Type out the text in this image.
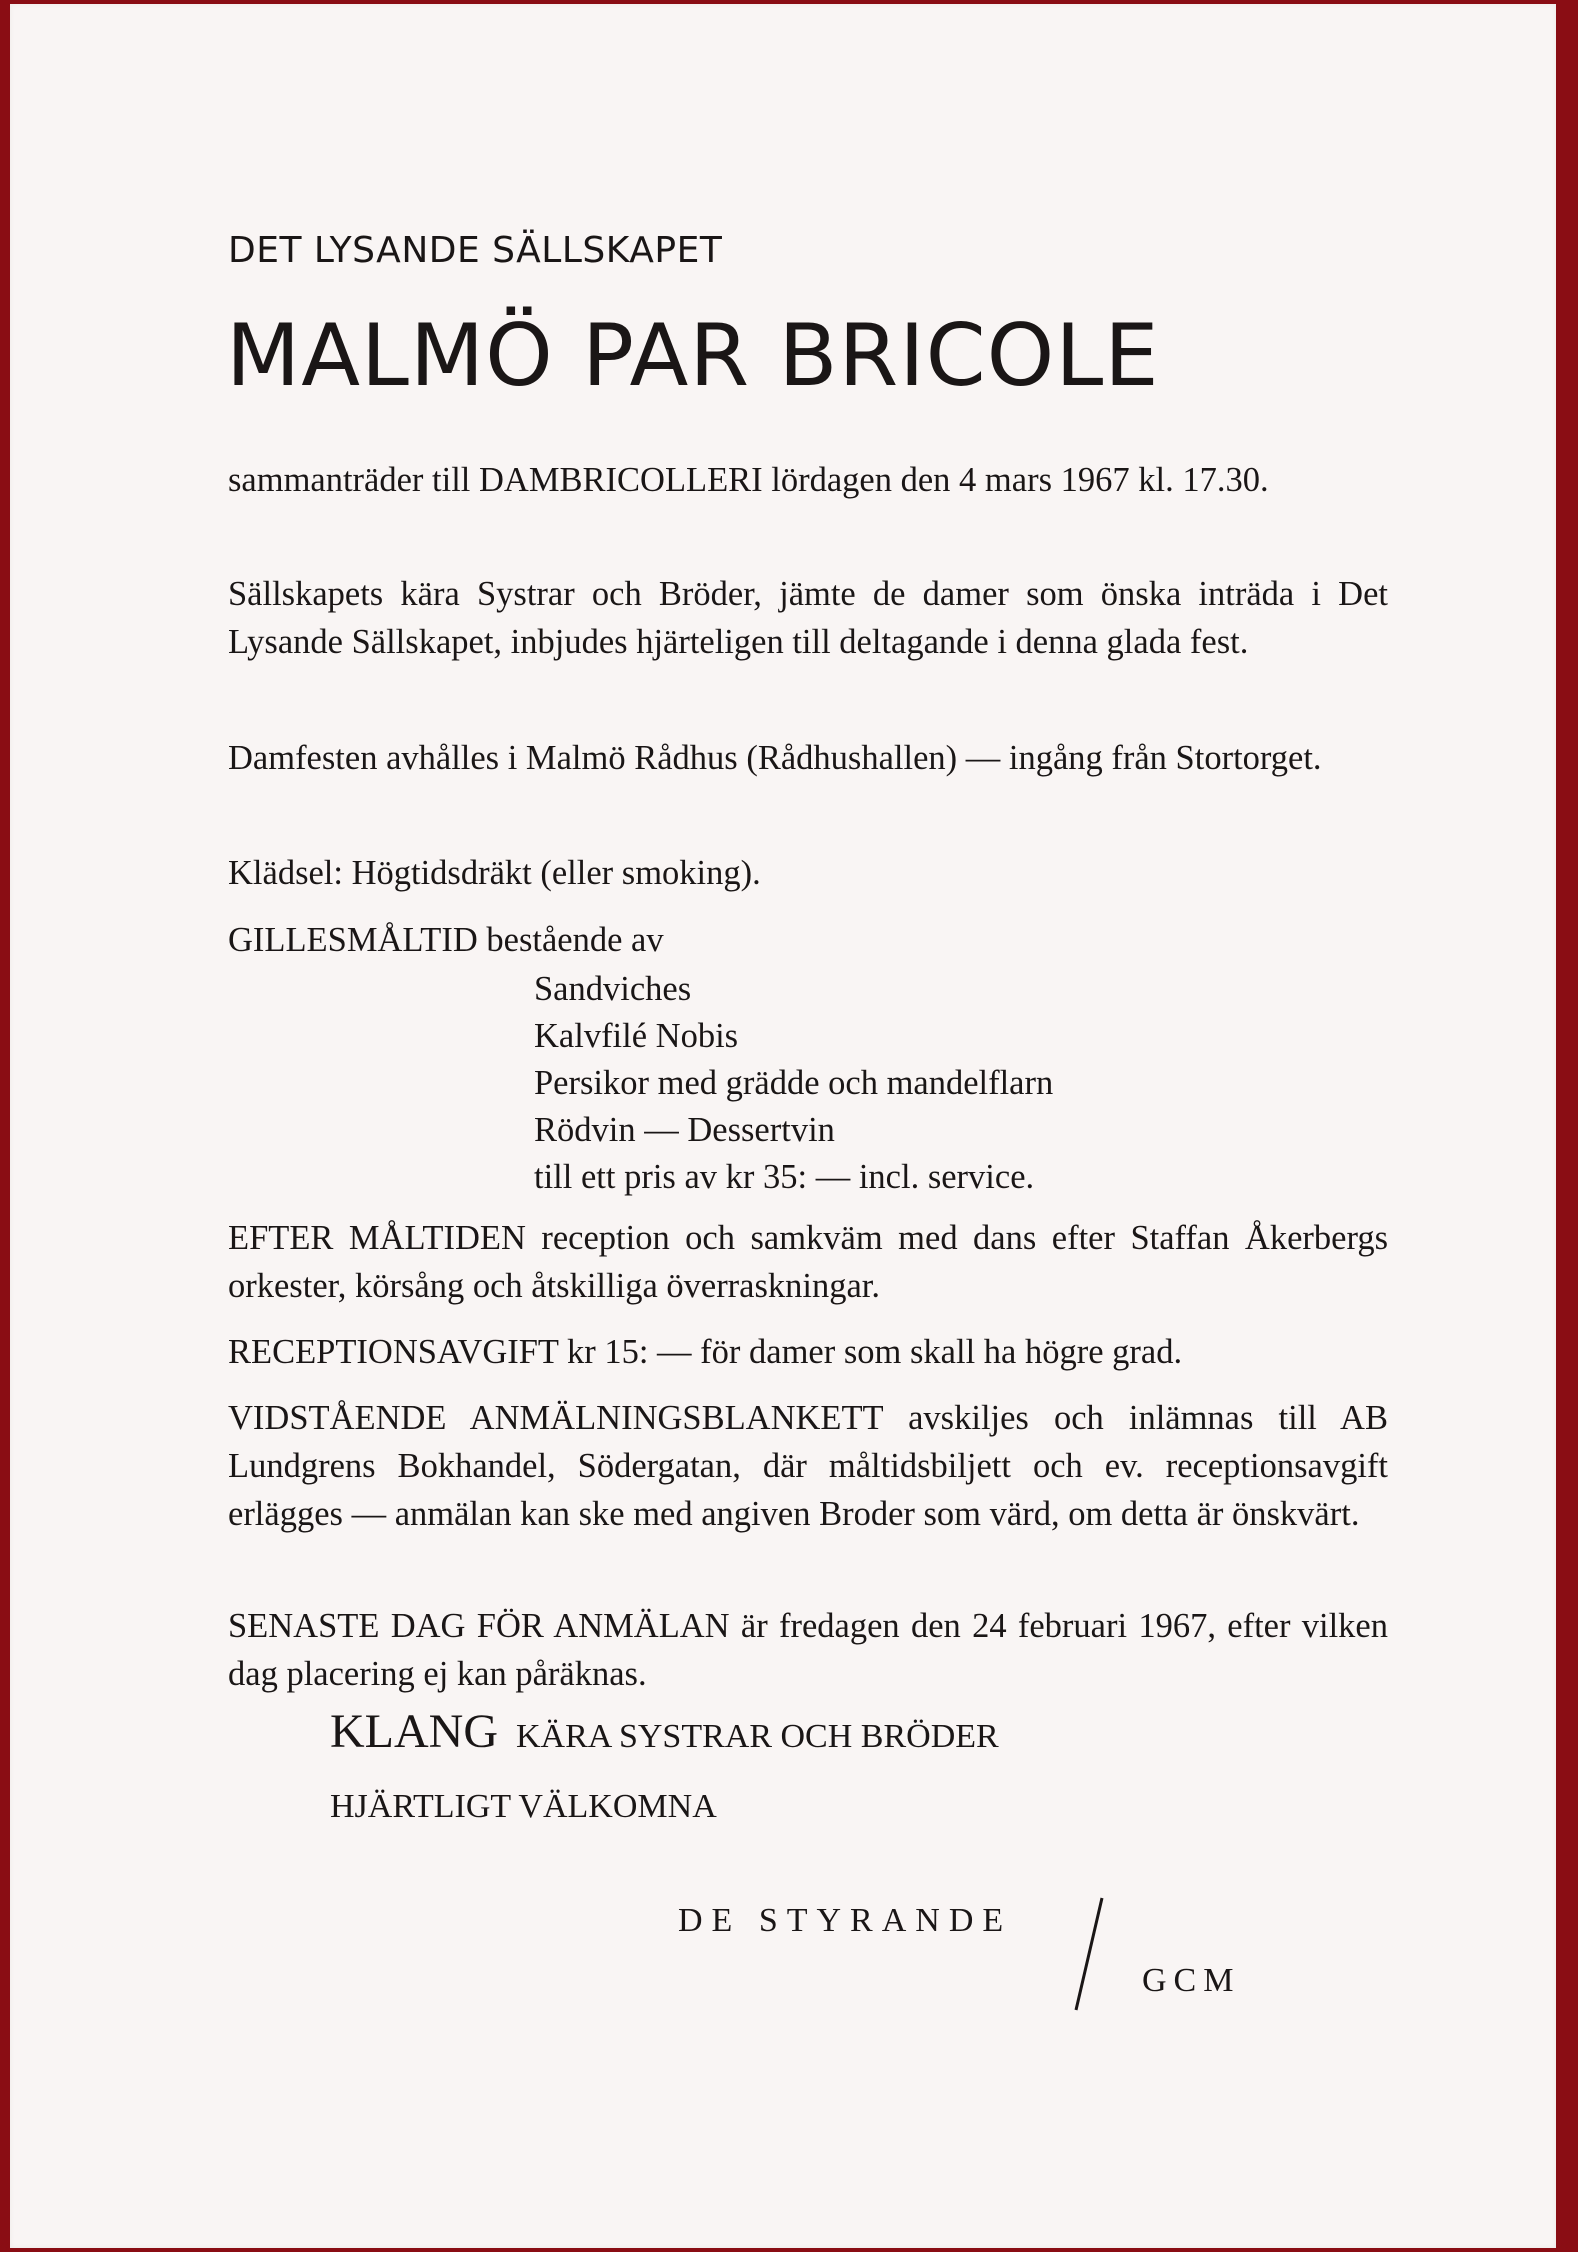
DET LYSANDE SÄLLSKAPET
MALMÖ PAR BRICOLE

sammanträder till DAMBRICOLLERI lördagen den 4 mars 1967 kl. 17.30.

Sällskapets kära Systrar och Bröder, jämte de damer som önska inträda i Det Lysande Sällskapet, inbjudes hjärteligen till deltagande i denna glada fest.

Damfesten avhålles i Malmö Rådhus (Rådhushallen) — ingång från Stortorget.

Klädsel: Högtidsdräkt (eller smoking).

GILLESMÅLTID bestående av

Sandviches
Kalvfilé Nobis
Persikor med grädde och mandelflarn
Rödvin — Dessertvin
till ett pris av kr 35: — incl. service.

EFTER MÅLTIDEN reception och samkväm med dans efter Staffan Åkerbergs orkester, körsång och åtskilliga överraskningar.

RECEPTIONSAVGIFT kr 15: — för damer som skall ha högre grad.

VIDSTÅENDE ANMÄLNINGSBLANKETT avskiljes och inlämnas till AB Lundgrens Bokhandel, Södergatan, där måltidsbiljett och ev. receptionsavgift erlägges — anmälan kan ske med angiven Broder som värd, om detta är önskvärt.

SENASTE DAG FÖR ANMÄLAN är fredagen den 24 februari 1967, efter vilken dag placering ej kan påräknas.

KLANG KÄRA SYSTRAR OCH BRÖDER
HJÄRTLIGT VÄLKOMNA
DE STYRANDE
GCM
